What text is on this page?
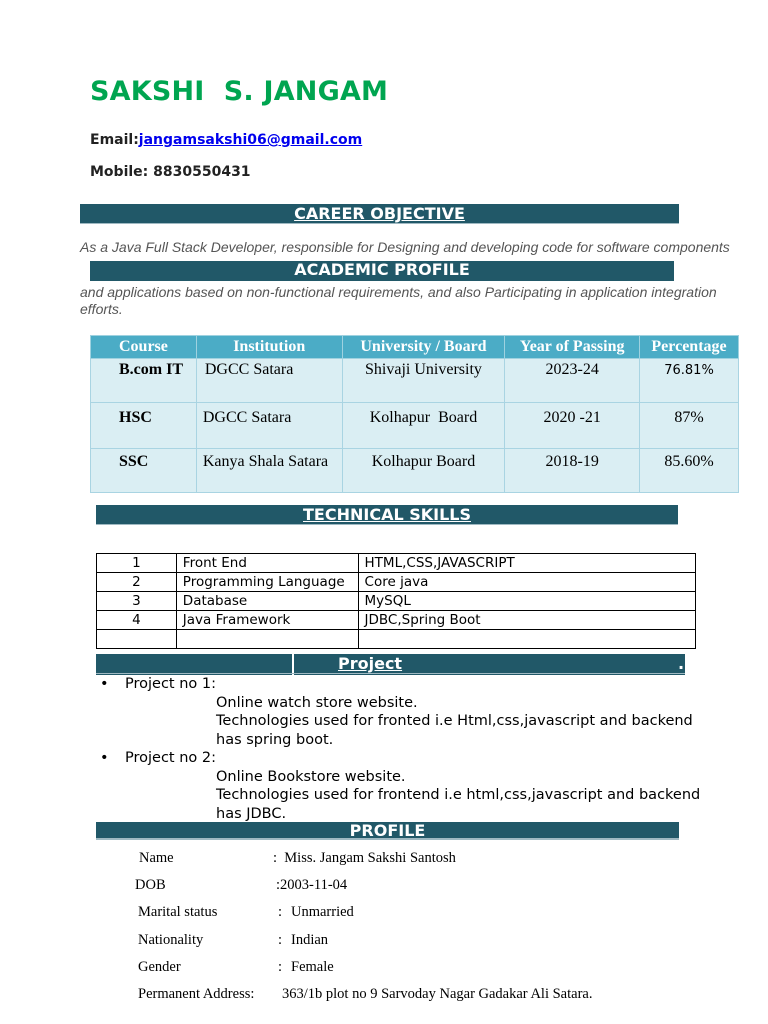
SAKSHI  S. JANGAM
Email:jangamsakshi06@gmail.com
Mobile: 8830550431
CAREER OBJECTIVE
As a Java Full Stack Developer, responsible for Designing and developing code for software components
ACADEMIC PROFILE
and applications based on non-functional requirements, and also Participating in application integration
efforts.
Course	Institution	University / Board	Year of Passing	Percentage
B.com IT	DGCC Satara	Shivaji University	2023-24	76.81%
HSC	DGCC Satara	Kolhapur  Board	2020 -21	87%
SSC	Kanya Shala Satara	Kolhapur Board	2018-19	85.60%
TECHNICAL SKILLS
1	Front End	HTML,CSS,JAVASCRIPT
2	Programming Language	Core java
3	Database	MySQL
4	Java Framework	JDBC,Spring Boot

Project	.
• Project no 1:
Online watch store website.
Technologies used for fronted i.e Html,css,javascript and backend
has spring boot.
• Project no 2:
Online Bookstore website.
Technologies used for frontend i.e html,css,javascript and backend
has JDBC.
PROFILE
Name	:  Miss. Jangam Sakshi Santosh
DOB	:2003-11-04
Marital status	: Unmarried
Nationality	: Indian
Gender	: Female
Permanent Address: 363/1b plot no 9 Sarvoday Nagar Gadakar Ali Satara.
